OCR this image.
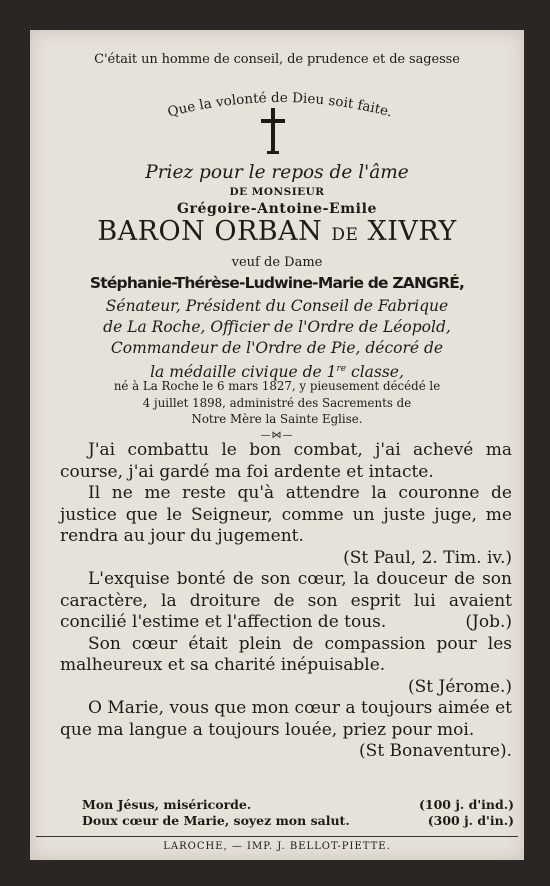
C'était un homme de conseil, de prudence et de sagesse
Que la volonté de Dieu soit faite.
Priez pour le repos de l'âme
DE MONSIEUR
Grégoire-Antoine-Emile
BARON ORBAN DE XIVRY
veuf de Dame
Stéphanie-Thérèse-Ludwine-Marie de ZANGRÉ,
Sénateur, Président du Conseil de Fabrique
de La Roche, Officier de l'Ordre de Léopold,
Commandeur de l'Ordre de Pie, décoré de
la médaille civique de 1re classe,
né à La Roche le 6 mars 1827, y pieusement décédé le
4 juillet 1898, administré des Sacrements de
Notre Mère la Sainte Eglise.
—⋈—

J'ai combattu le bon combat, j'ai achevé ma course, j'ai gardé ma foi ardente et intacte.

Il ne me reste qu'à attendre la couronne de justice que le Seigneur, comme un juste juge, me rendra au jour du jugement.

(St Paul, 2. Tim. iv.)

L'exquise bonté de son cœur, la douceur de son caractère, la droiture de son esprit lui avaient concilié l'estime et l'affection de tous.	(Job.)

Son cœur était plein de compassion pour les malheureux et sa charité inépuisable.

(St Jérome.)

O Marie, vous que mon cœur a toujours aimée et que ma langue a toujours louée, priez pour moi.
(St Bonaventure).

Mon Jésus, miséricorde.	(100 j. d'ind.)
Doux cœur de Marie, soyez mon salut.	(300 j. d'in.)
LAROCHE, — IMP. J. BELLOT-PIETTE.
